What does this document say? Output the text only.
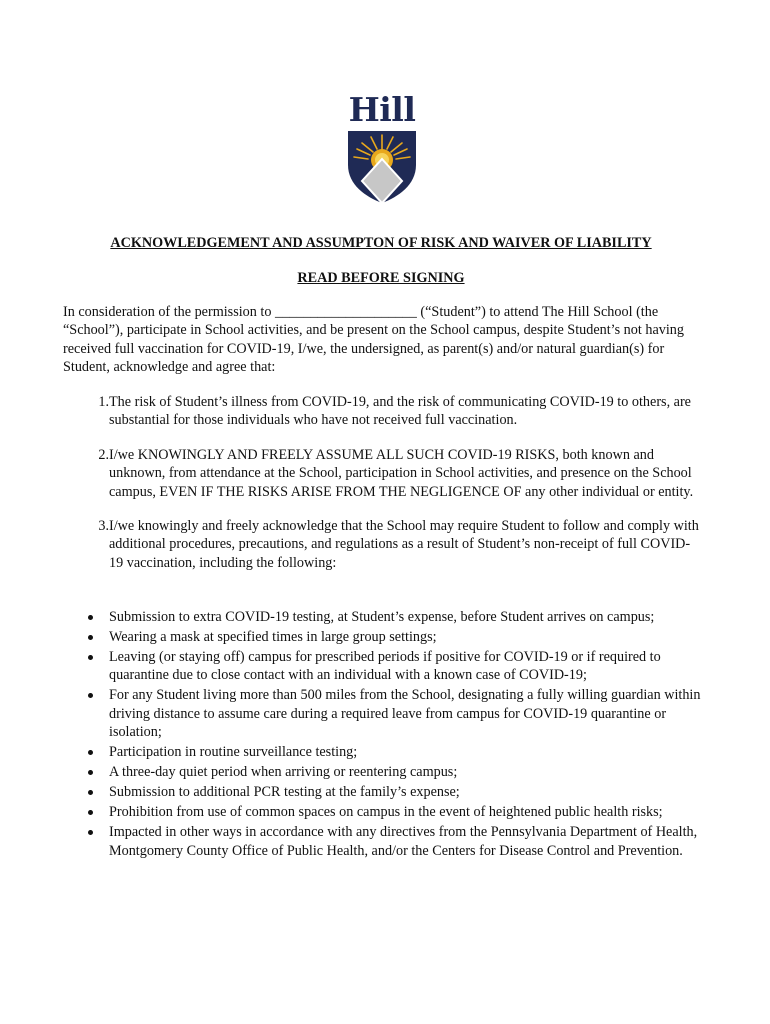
Hill
ACKNOWLEDGEMENT AND ASSUMPTON OF RISK AND WAIVER OF LIABILITY
READ BEFORE SIGNING

In consideration of the permission to ____________________ (“Student”) to attend The Hill School (the “School”), participate in School activities, and be present on the School campus, despite Student’s not having received full vaccination for COVID-19, I/we, the undersigned, as parent(s) and/or natural guardian(s) for Student, acknowledge and agree that:

1. The risk of Student’s illness from COVID-19, and the risk of communicating COVID-19 to others, are substantial for those individuals who have not received full vaccination.
2. I/we KNOWINGLY AND FREELY ASSUME ALL SUCH COVID-19 RISKS, both known and unknown, from attendance at the School, participation in School activities, and presence on the School campus, EVEN IF THE RISKS ARISE FROM THE NEGLIGENCE OF any other individual or entity.
3. I/we knowingly and freely acknowledge that the School may require Student to follow and comply with additional procedures, precautions, and regulations as a result of Student’s non-receipt of full COVID-19 vaccination, including the following:
Submission to extra COVID-19 testing, at Student’s expense, before Student arrives on campus;
Wearing a mask at specified times in large group settings;
Leaving (or staying off) campus for prescribed periods if positive for COVID-19 or if required to quarantine due to close contact with an individual with a known case of COVID-19;
For any Student living more than 500 miles from the School, designating a fully willing guardian within driving distance to assume care during a required leave from campus for COVID-19 quarantine or isolation;
Participation in routine surveillance testing;
A three-day quiet period when arriving or reentering campus;
Submission to additional PCR testing at the family’s expense;
Prohibition from use of common spaces on campus in the event of heightened public health risks;
Impacted in other ways in accordance with any directives from the Pennsylvania Department of Health, Montgomery County Office of Public Health, and/or the Centers for Disease Control and Prevention.
